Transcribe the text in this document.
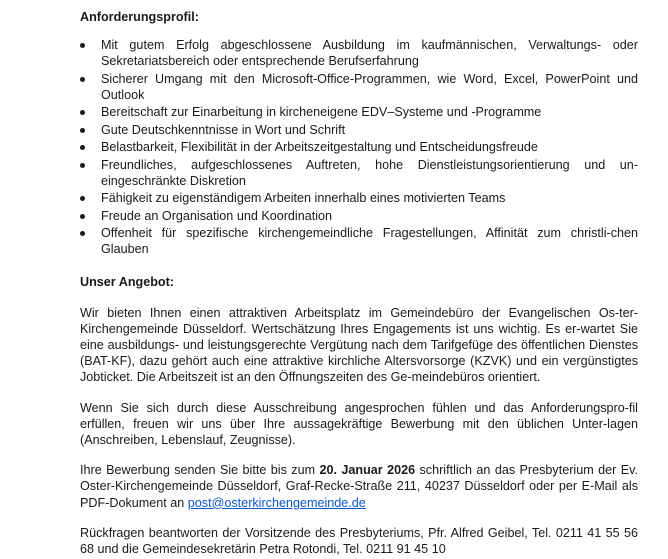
Anforderungsprofil:
Mit gutem Erfolg abgeschlossene Ausbildung im kaufmännischen, Verwaltungs- oder Sekretariatsbereich oder entsprechende Berufserfahrung
Sicherer Umgang mit den Microsoft-Office-Programmen, wie Word, Excel, PowerPoint und Outlook
Bereitschaft zur Einarbeitung in kircheneigene EDV–Systeme und -Programme
Gute Deutschkenntnisse in Wort und Schrift
Belastbarkeit, Flexibilität in der Arbeitszeitgestaltung und Entscheidungsfreude
Freundliches, aufgeschlossenes Auftreten, hohe Dienstleistungsorientierung und un-eingeschränkte Diskretion
Fähigkeit zu eigenständigem Arbeiten innerhalb eines motivierten Teams
Freude an Organisation und Koordination
Offenheit für spezifische kirchengemeindliche Fragestellungen, Affinität zum christli-chen Glauben
Unser Angebot:

Wir bieten Ihnen einen attraktiven Arbeitsplatz im Gemeindebüro der Evangelischen Os-ter-Kirchengemeinde Düsseldorf. Wertschätzung Ihres Engagements ist uns wichtig. Es er-wartet Sie eine ausbildungs- und leistungsgerechte Vergütung nach dem Tarifgefüge des öffentlichen Dienstes (BAT-KF), dazu gehört auch eine attraktive kirchliche Altersvorsorge (KZVK) und ein vergünstigtes Jobticket. Die Arbeitszeit ist an den Öffnungszeiten des Ge-meindebüros orientiert.

Wenn Sie sich durch diese Ausschreibung angesprochen fühlen und das Anforderungspro-fil erfüllen, freuen wir uns über Ihre aussagekräftige Bewerbung mit den üblichen Unter-lagen (Anschreiben, Lebenslauf, Zeugnisse).

Ihre Bewerbung senden Sie bitte bis zum 20. Januar 2026 schriftlich an das Presbyterium der Ev. Oster-Kirchengemeinde Düsseldorf, Graf-Recke-Straße 211, 40237 Düsseldorf oder per E-Mail als PDF-Dokument an post@osterkirchengemeinde.de

Rückfragen beantworten der Vorsitzende des Presbyteriums, Pfr. Alfred Geibel, Tel. 0211 41 55 56 68 und die Gemeindesekretärin Petra Rotondi, Tel. 0211 91 45 10
